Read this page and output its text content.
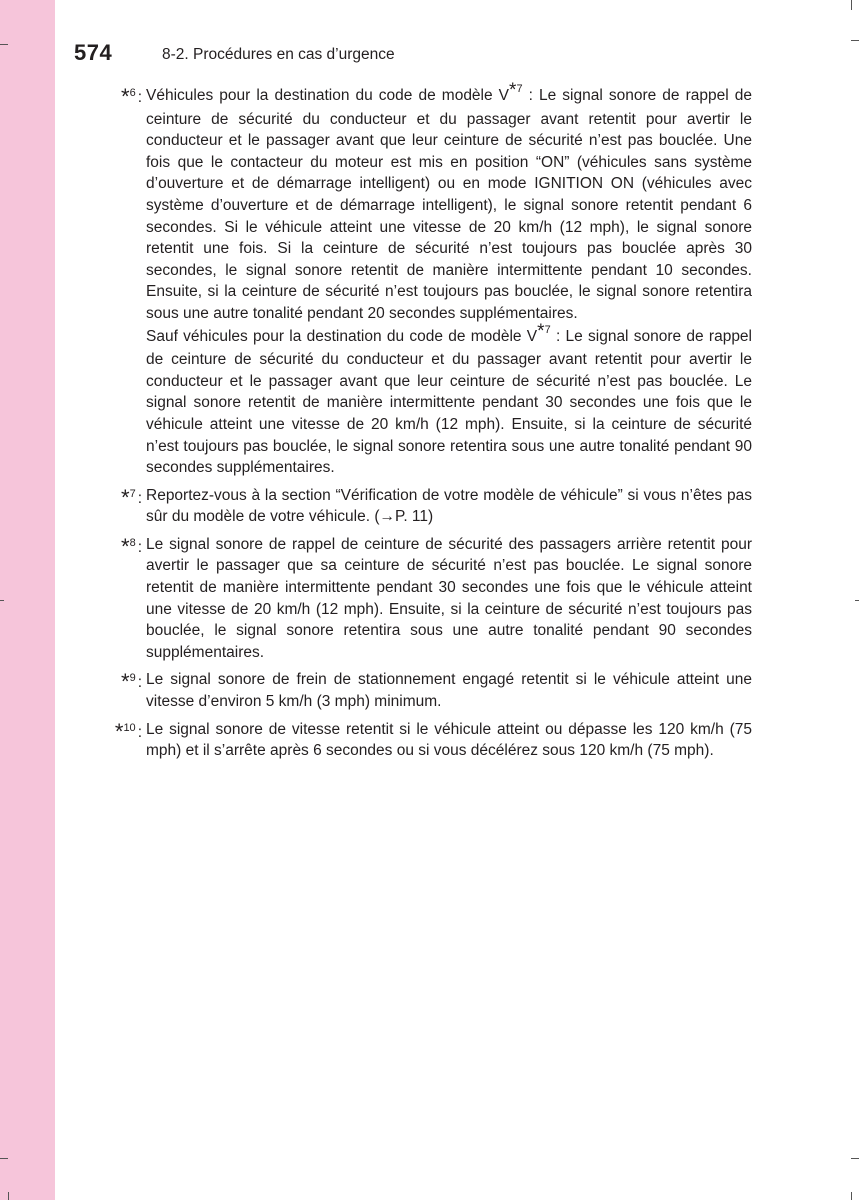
574	8-2. Procédures en cas d’urgence
*$^6$ : Véhicules pour la destination du code de modèle V*$^7$ : Le signal sonore de rappel de ceinture de sécurité du conducteur et du passager avant retentit pour avertir le conducteur et le passager avant que leur ceinture de sécurité n’est pas bouclée. Une fois que le contacteur du moteur est mis en position “ON” (véhicules sans système d’ouverture et de démarrage intelligent) ou en mode IGNITION ON (véhicules avec système d’ouverture et de démarrage intelligent), le signal sonore retentit pendant 6 secondes. Si le véhicule atteint une vitesse de 20 km/h (12 mph), le signal sonore retentit une fois. Si la ceinture de sécurité n’est toujours pas bouclée après 30 secondes, le signal sonore retentit de manière intermittente pendant 10 secondes. Ensuite, si la ceinture de sécurité n’est toujours pas bouclée, le signal sonore retentira sous une autre tonalité pendant 20 secondes supplémentaires.

Sauf véhicules pour la destination du code de modèle V*$^7$ : Le signal sonore de rappel de ceinture de sécurité du conducteur et du passager avant retentit pour avertir le conducteur et le passager avant que leur ceinture de sécurité n’est pas bouclée. Le signal sonore retentit de manière intermittente pendant 30 secondes une fois que le véhicule atteint une vitesse de 20 km/h (12 mph). Ensuite, si la ceinture de sécurité n’est toujours pas bouclée, le signal sonore retentira sous une autre tonalité pendant 90 secondes supplémentaires.

*$^7$ : Reportez-vous à la section “Vérification de votre modèle de véhicule” si vous n’êtes pas sûr du modèle de votre véhicule. (→P. 11)
*$^8$ : Le signal sonore de rappel de ceinture de sécurité des passagers arrière retentit pour avertir le passager que sa ceinture de sécurité n’est pas bouclée. Le signal sonore retentit de manière intermittente pendant 30 secondes une fois que le véhicule atteint une vitesse de 20 km/h (12 mph). Ensuite, si la ceinture de sécurité n’est toujours pas bouclée, le signal sonore retentira sous une autre tonalité pendant 90 secondes supplémentaires.
*$^9$ : Le signal sonore de frein de stationnement engagé retentit si le véhicule atteint une vitesse d’environ 5 km/h (3 mph) minimum.
*$^{10}$ : Le signal sonore de vitesse retentit si le véhicule atteint ou dépasse les 120 km/h (75 mph) et il s’arrête après 6 secondes ou si vous décélérez sous 120 km/h (75 mph).
